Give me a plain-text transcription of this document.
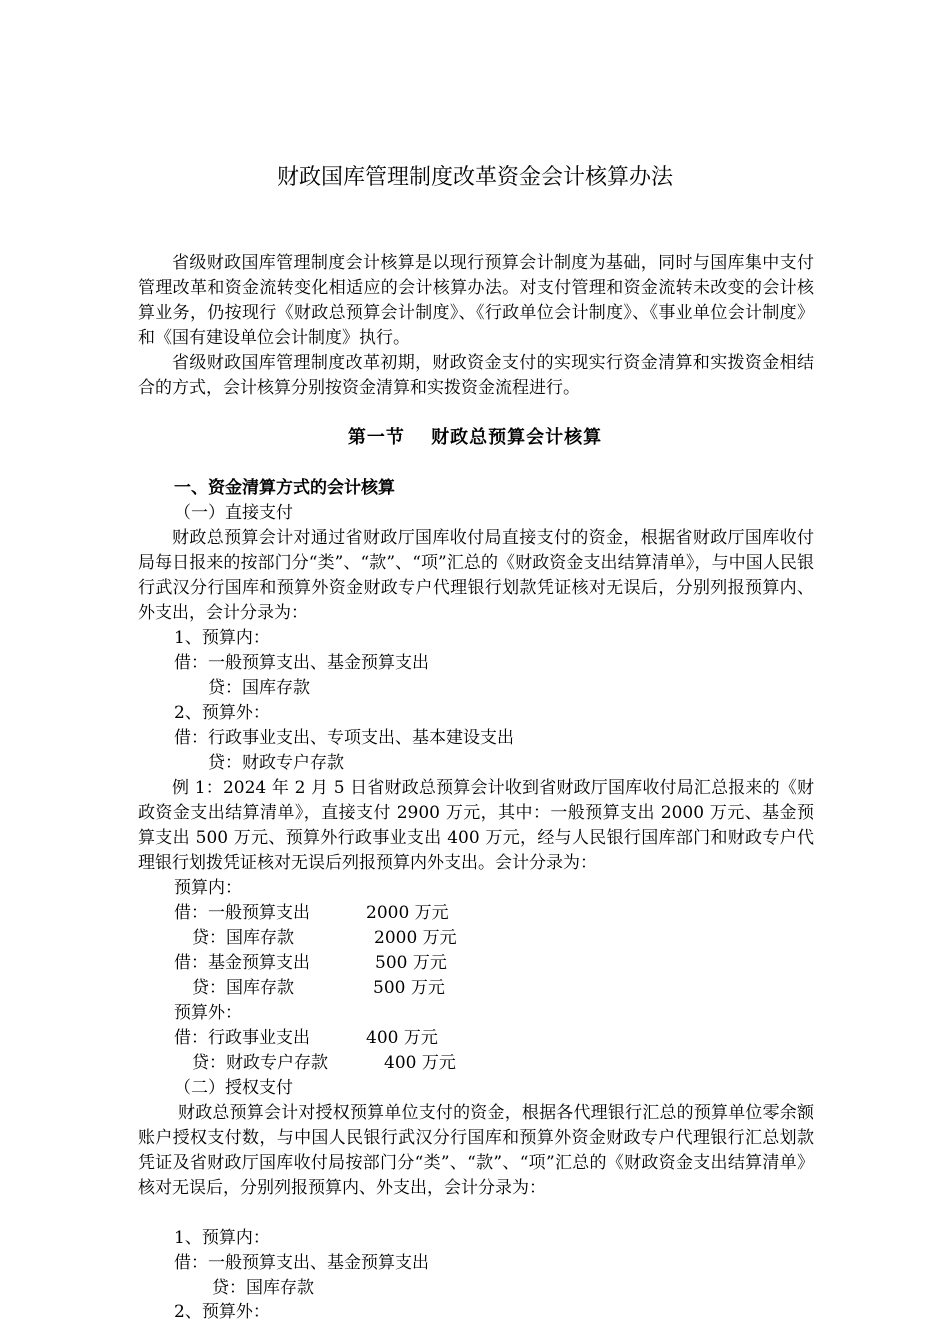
财政国库管理制度改革资金会计核算办法

省级财政国库管理制度会计核算是以现行预算会计制度为基础，同时与国库集中支付管理改革和资金流转变化相适应的会计核算办法。对支付管理和资金流转未改变的会计核算业务，仍按现行《财政总预算会计制度》、《行政单位会计制度》、《事业单位会计制度》和《国有建设单位会计制度》执行。

省级财政国库管理制度改革初期，财政资金支付的实现实行资金清算和实拨资金相结合的方式，会计核算分别按资金清算和实拨资金流程进行。

第一节　 财政总预算会计核算
一、资金清算方式的会计核算
（一）直接支付

财政总预算会计对通过省财政厅国库收付局直接支付的资金，根据省财政厅国库收付局每日报来的按部门分“类”、“款”、“项”汇总的《财政资金支出结算清单》，与中国人民银行武汉分行国库和预算外资金财政专户代理银行划款凭证核对无误后，分别列报预算内、外支出，会计分录为：

1、预算内：
借：一般预算支出、基金预算支出
贷：国库存款
2、预算外：
借：行政事业支出、专项支出、基本建设支出
贷：财政专户存款

例 1：2024 年 2 月 5 日省财政总预算会计收到省财政厅国库收付局汇总报来的《财政资金支出结算清单》，直接支付 2900 万元，其中：一般预算支出 2000 万元、基金预算支出 500 万元、预算外行政事业支出 400 万元，经与人民银行国库部门和财政专户代理银行划拨凭证核对无误后列报预算内外支出。会计分录为：

预算内：
借：一般预算支出	2000 万元
贷：国库存款	2000 万元
借：基金预算支出	500 万元
贷：国库存款	500 万元
预算外：
借：行政事业支出	400 万元
贷：财政专户存款	400 万元
（二）授权支付

财政总预算会计对授权预算单位支付的资金，根据各代理银行汇总的预算单位零余额账户授权支付数，与中国人民银行武汉分行国库和预算外资金财政专户代理银行汇总划款凭证及省财政厅国库收付局按部门分“类”、“款”、“项”汇总的《财政资金支出结算清单》核对无误后，分别列报预算内、外支出，会计分录为：

1、预算内：
借：一般预算支出、基金预算支出
贷：国库存款
2、预算外：
